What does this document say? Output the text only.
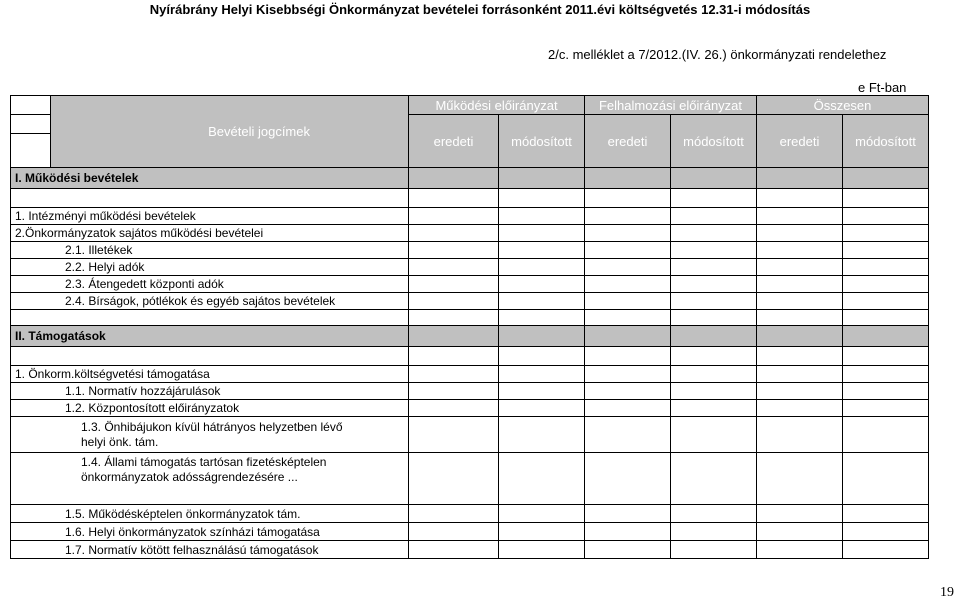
Nyírábrány Helyi Kisebbségi Önkormányzat bevételei forrásonként 2011.évi költségvetés 12.31-i módosítás
2/c. melléklet a 7/2012.(IV. 26.) önkormányzati rendelethez
e Ft-ban
	Bevételi jogcímek	Működési előirányzat		Felhalmozási előirányzat		Összesen	
		eredeti	módosított	eredeti	módosított	eredeti	módosított

I. Működési bevételek							

1. Intézményi működési bevételek							
2.Önkormányzatok sajátos működési bevételei							
2.1. Illetékek							
2.2. Helyi adók							
2.3. Átengedett központi adók							
2.4. Bírságok, pótlékok és egyéb sajátos bevételek							

II. Támogatások							

1. Önkorm.költségvetési támogatása							
1.1. Normatív hozzájárulások							
1.2. Központosított előirányzatok							
1.3. Önhibájukon kívül hátrányos helyzetben lévő helyi önk. tám.							
1.4. Állami támogatás tartósan fizetésképtelen önkormányzatok adósságrendezésére ...							
1.5. Működésképtelen önkormányzatok tám.							
1.6. Helyi önkormányzatok színházi támogatása							
1.7. Normatív kötött felhasználású támogatások							
19
